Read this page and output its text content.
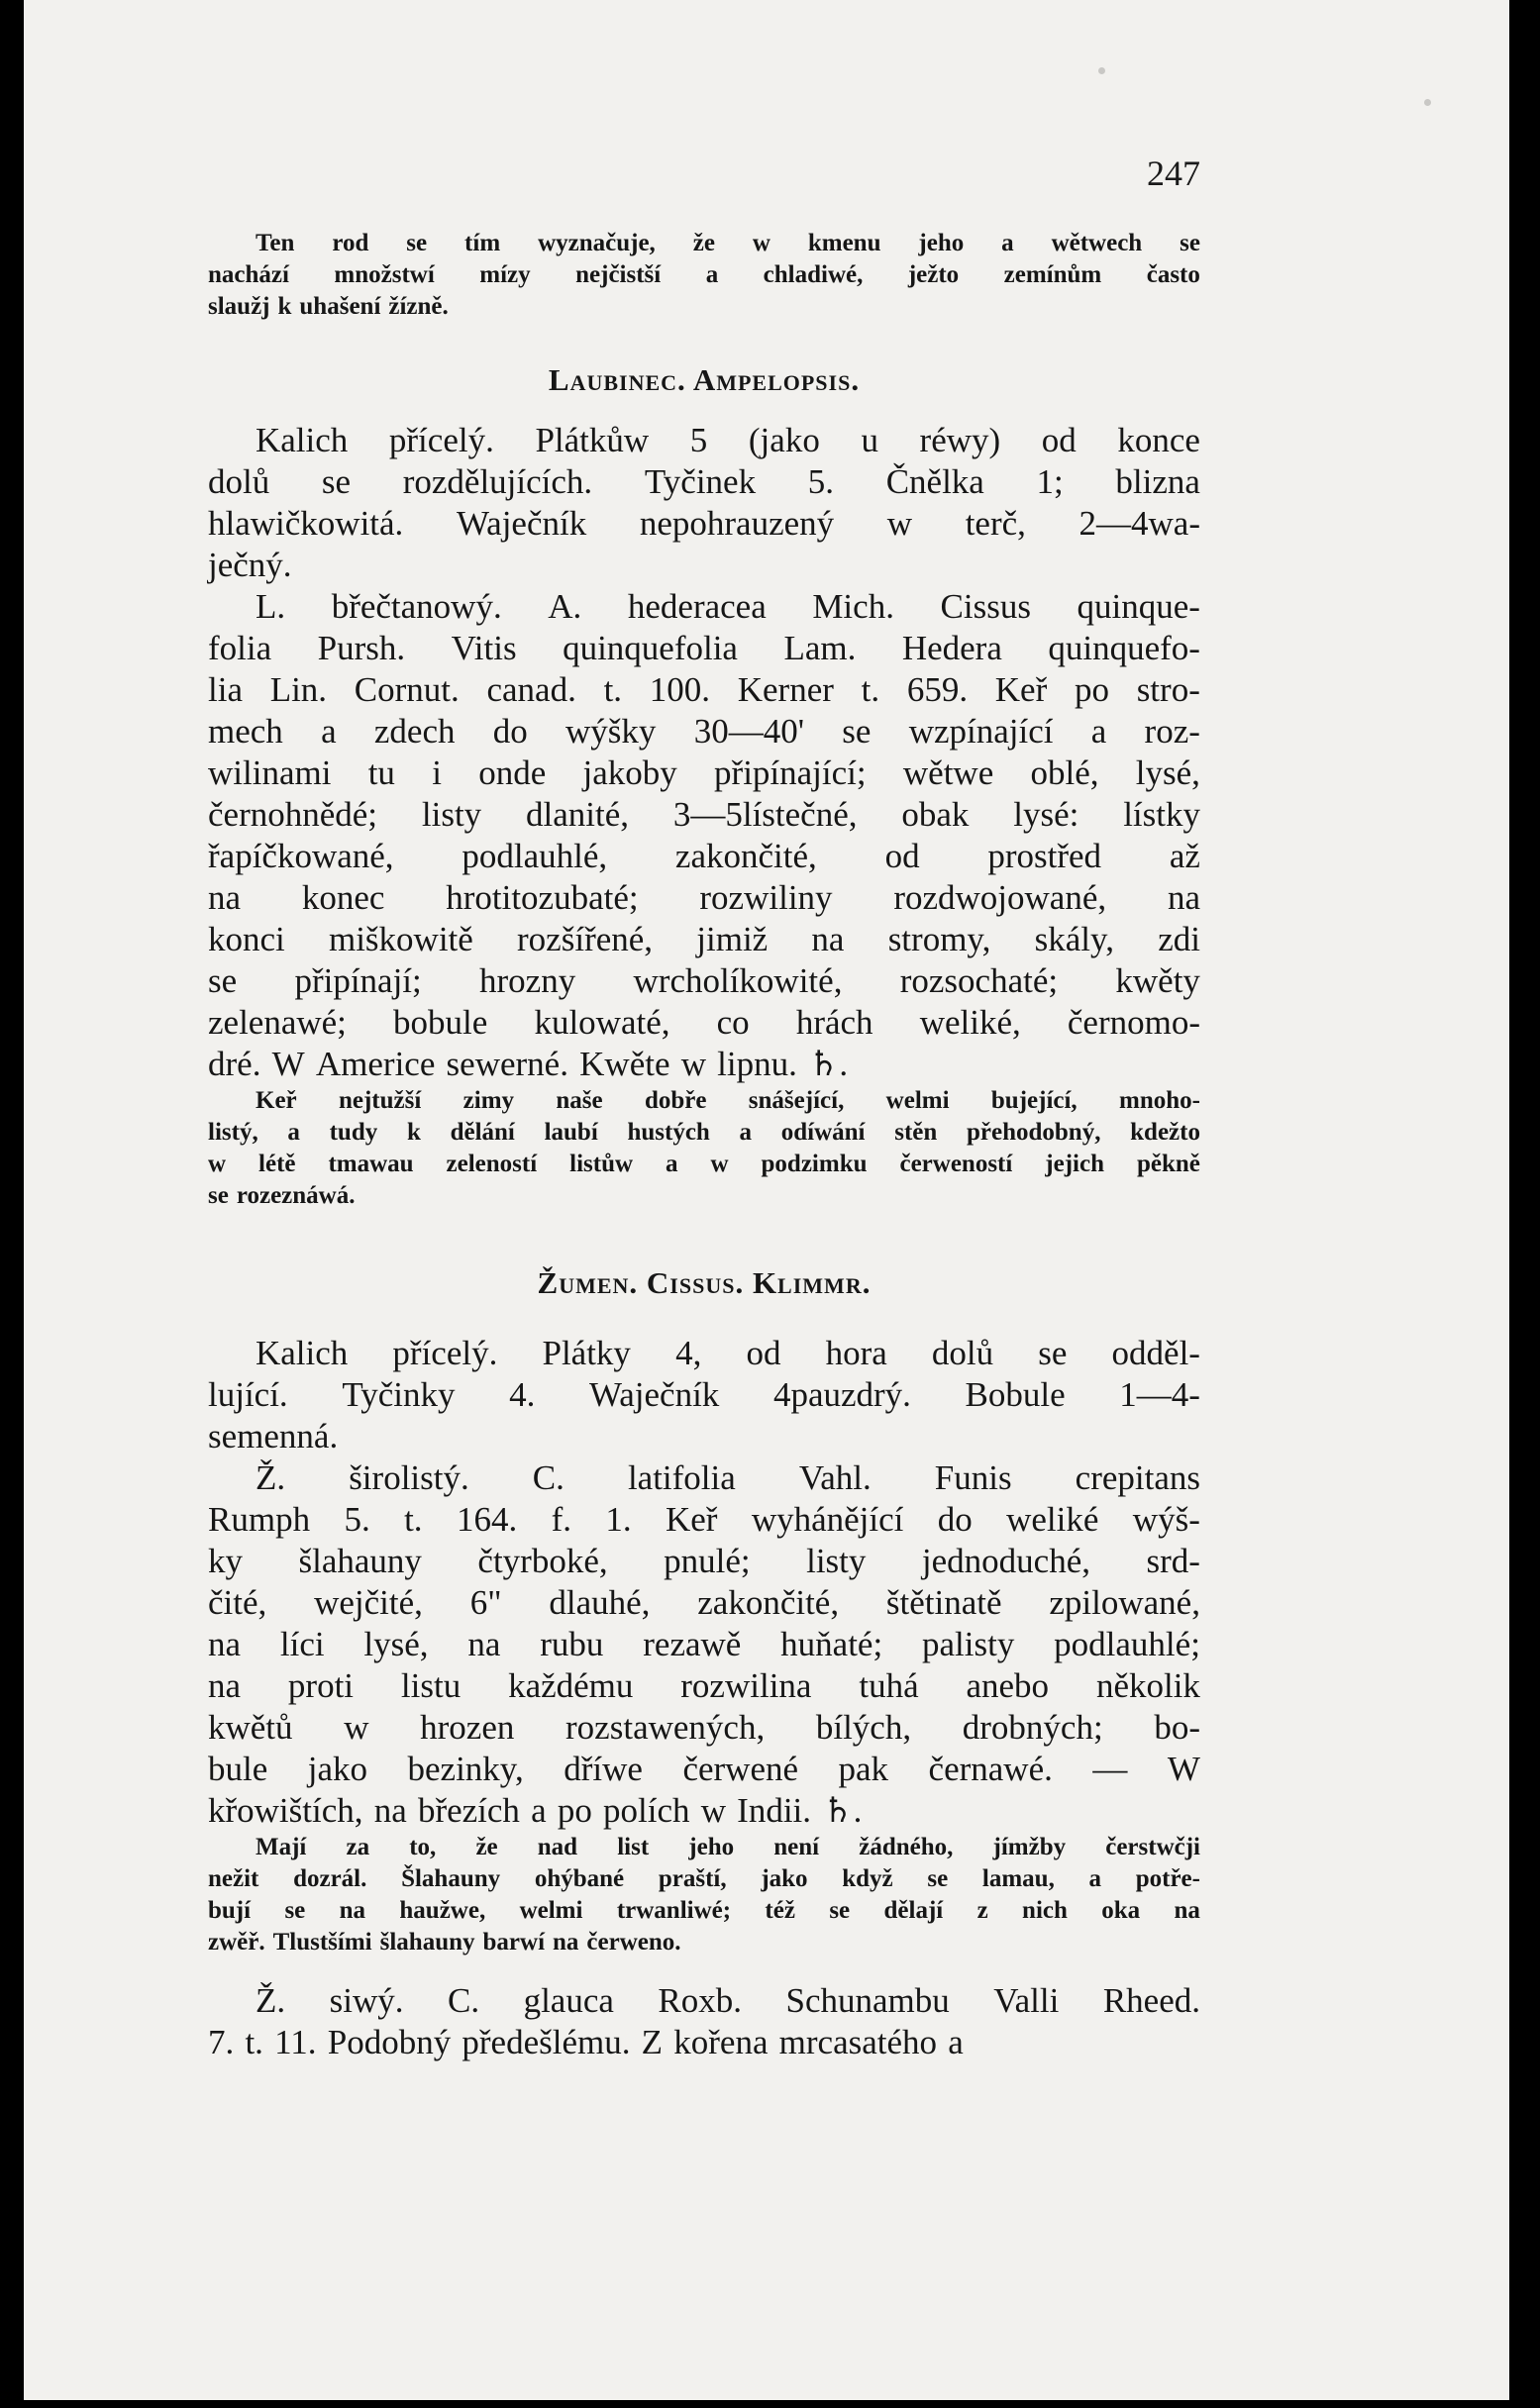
247
Ten rod se tím wyznačuje, že w kmenu jeho a wětwech se
nachází množstwí mízy nejčistší a chladiwé, ježto zemínům často
slaužj k uhašení žízně.
Laubinec. Ampelopsis.
Kalich přícelý. Plátkůw 5 (jako u réwy) od konce
dolů se rozdělujících. Tyčinek 5. Čnělka 1; blizna
hlawičkowitá. Waječník nepohrauzený w terč, 2—4wa-
ječný.
L. břečtanowý. A. hederacea Mich. Cissus quinque-
folia Pursh. Vitis quinquefolia Lam. Hedera quinquefo-
lia Lin. Cornut. canad. t. 100. Kerner t. 659. Keř po stro-
mech a zdech do wýšky 30—40' se wzpínající a roz-
wilinami tu i onde jakoby připínající; wětwe oblé, lysé,
černohnědé; listy dlanité, 3—5lístečné, obak lysé: lístky
řapíčkowané, podlauhlé, zakončité, od prostřed až
na konec hrotitozubaté; rozwiliny rozdwojowané, na
konci miškowitě rozšířené, jimiž na stromy, skály, zdi
se připínají; hrozny wrcholíkowité, rozsochaté; kwěty
zelenawé; bobule kulowaté, co hrách weliké, černomo-
dré. W Americe sewerné. Kwěte w lipnu. ♄.
Keř nejtužší zimy naše dobře snášející, welmi bujející, mnoho-
listý, a tudy k dělání laubí hustých a odíwání stěn přehodobný, kdežto
w létě tmawau zeleností listůw a w podzimku čerweností jejich pěkně
se rozeznáwá.
Žumen. Cissus. Klimmr.
Kalich přícelý. Plátky 4, od hora dolů se odděl-
lující. Tyčinky 4. Waječník 4pauzdrý. Bobule 1—4-
semenná.
Ž. širolistý. C. latifolia Vahl. Funis crepitans
Rumph 5. t. 164. f. 1. Keř wyhánějící do weliké wýš-
ky šlahauny čtyrboké, pnulé; listy jednoduché, srd-
čité, wejčité, 6" dlauhé, zakončité, štětinatě zpilowané,
na líci lysé, na rubu rezawě huňaté; palisty podlauhlé;
na proti listu každému rozwilina tuhá anebo několik
kwětů w hrozen rozstawených, bílých, drobných; bo-
bule jako bezinky, dříwe čerwené pak černawé. — W
křowištích, na březích a po polích w Indii. ♄.
Mají za to, že nad list jeho není žádného, jímžby čerstwčji
nežit dozrál. Šlahauny ohýbané praští, jako když se lamau, a potře-
bují se na haužwe, welmi trwanliwé; též se dělají z nich oka na
zwěř. Tlustšími šlahauny barwí na čerweno.
Ž. siwý. C. glauca Roxb. Schunambu Valli Rheed.
7. t. 11. Podobný předešlému. Z kořena mrcasatého a
